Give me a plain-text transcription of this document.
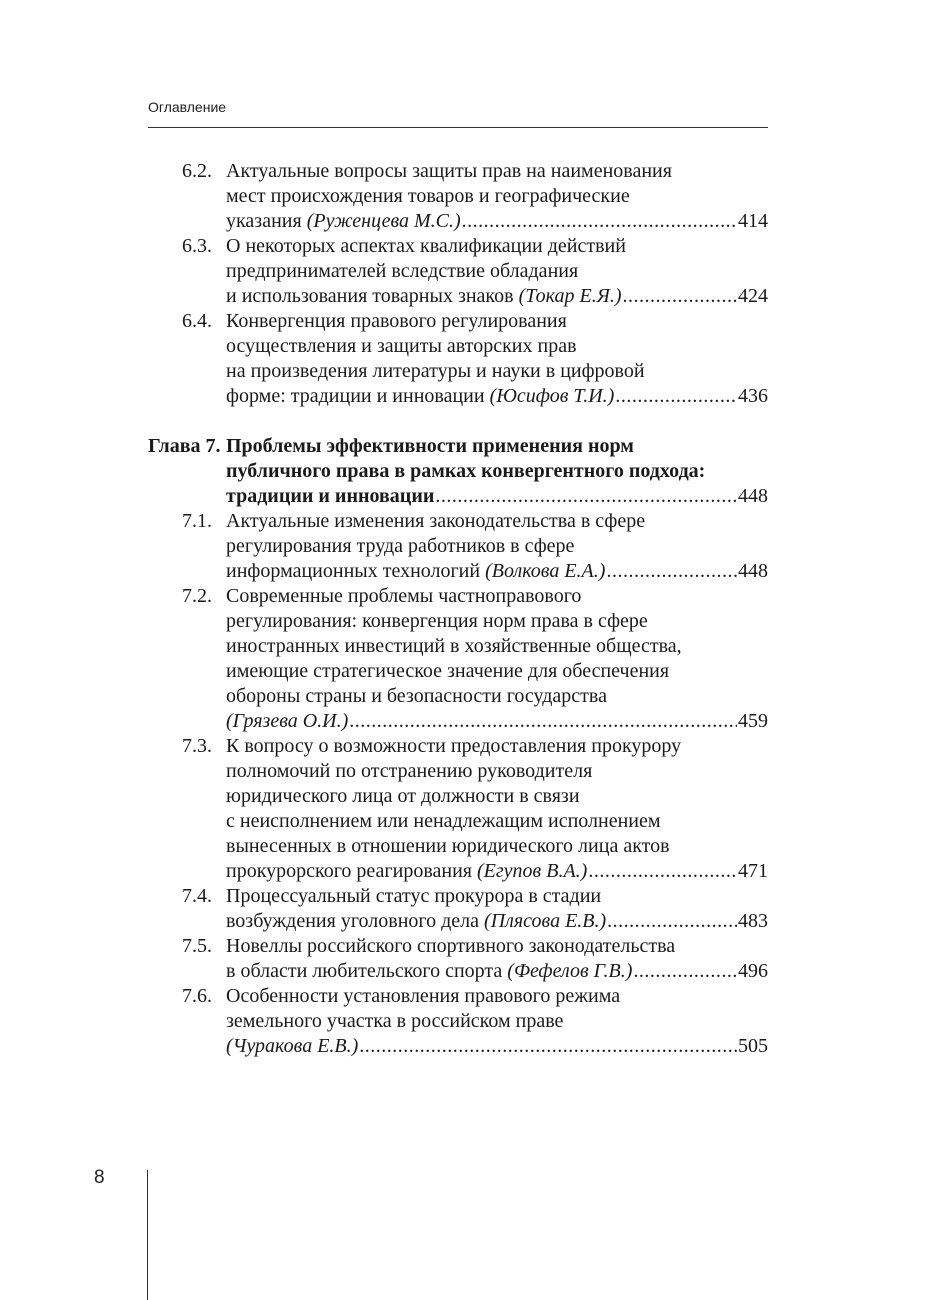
Оглавление
6.2. Актуальные вопросы защиты прав на наименования
мест происхождения товаров и географические
указания (Руженцева М.С.) .....	414
6.3. О некоторых аспектах квалификации действий
предпринимателей вследствие обладания
и использования товарных знаков (Токар Е.Я.) .....	424
6.4. Конвергенция правового регулирования
осуществления и защиты авторских прав
на произведения литературы и науки в цифровой
форме: традиции и инновации (Юсифов Т.И.) .....	436
Глава 7. Проблемы эффективности применения норм
публичного права в рамках конвергентного подхода:
традиции и инновации .....	448
7.1. Актуальные изменения законодательства в сфере
регулирования труда работников в сфере
информационных технологий (Волкова Е.А.) .....	448
7.2. Современные проблемы частноправового
регулирования: конвергенция норм права в сфере
иностранных инвестиций в хозяйственные общества,
имеющие стратегическое значение для обеспечения
обороны страны и безопасности государства
(Грязева О.И.) .....	459
7.3. К вопросу о возможности предоставления прокурору
полномочий по отстранению руководителя
юридического лица от должности в связи
с неисполнением или ненадлежащим исполнением
вынесенных в отношении юридического лица актов
прокурорского реагирования (Егупов В.А.) .....	471
7.4. Процессуальный статус прокурора в стадии
возбуждения уголовного дела (Плясова Е.В.) .....	483
7.5. Новеллы российского спортивного законодательства
в области любительского спорта (Фефелов Г.В.) .....	496
7.6. Особенности установления правового режима
земельного участка в российском праве
(Чуракова Е.В.) .....	505
8
